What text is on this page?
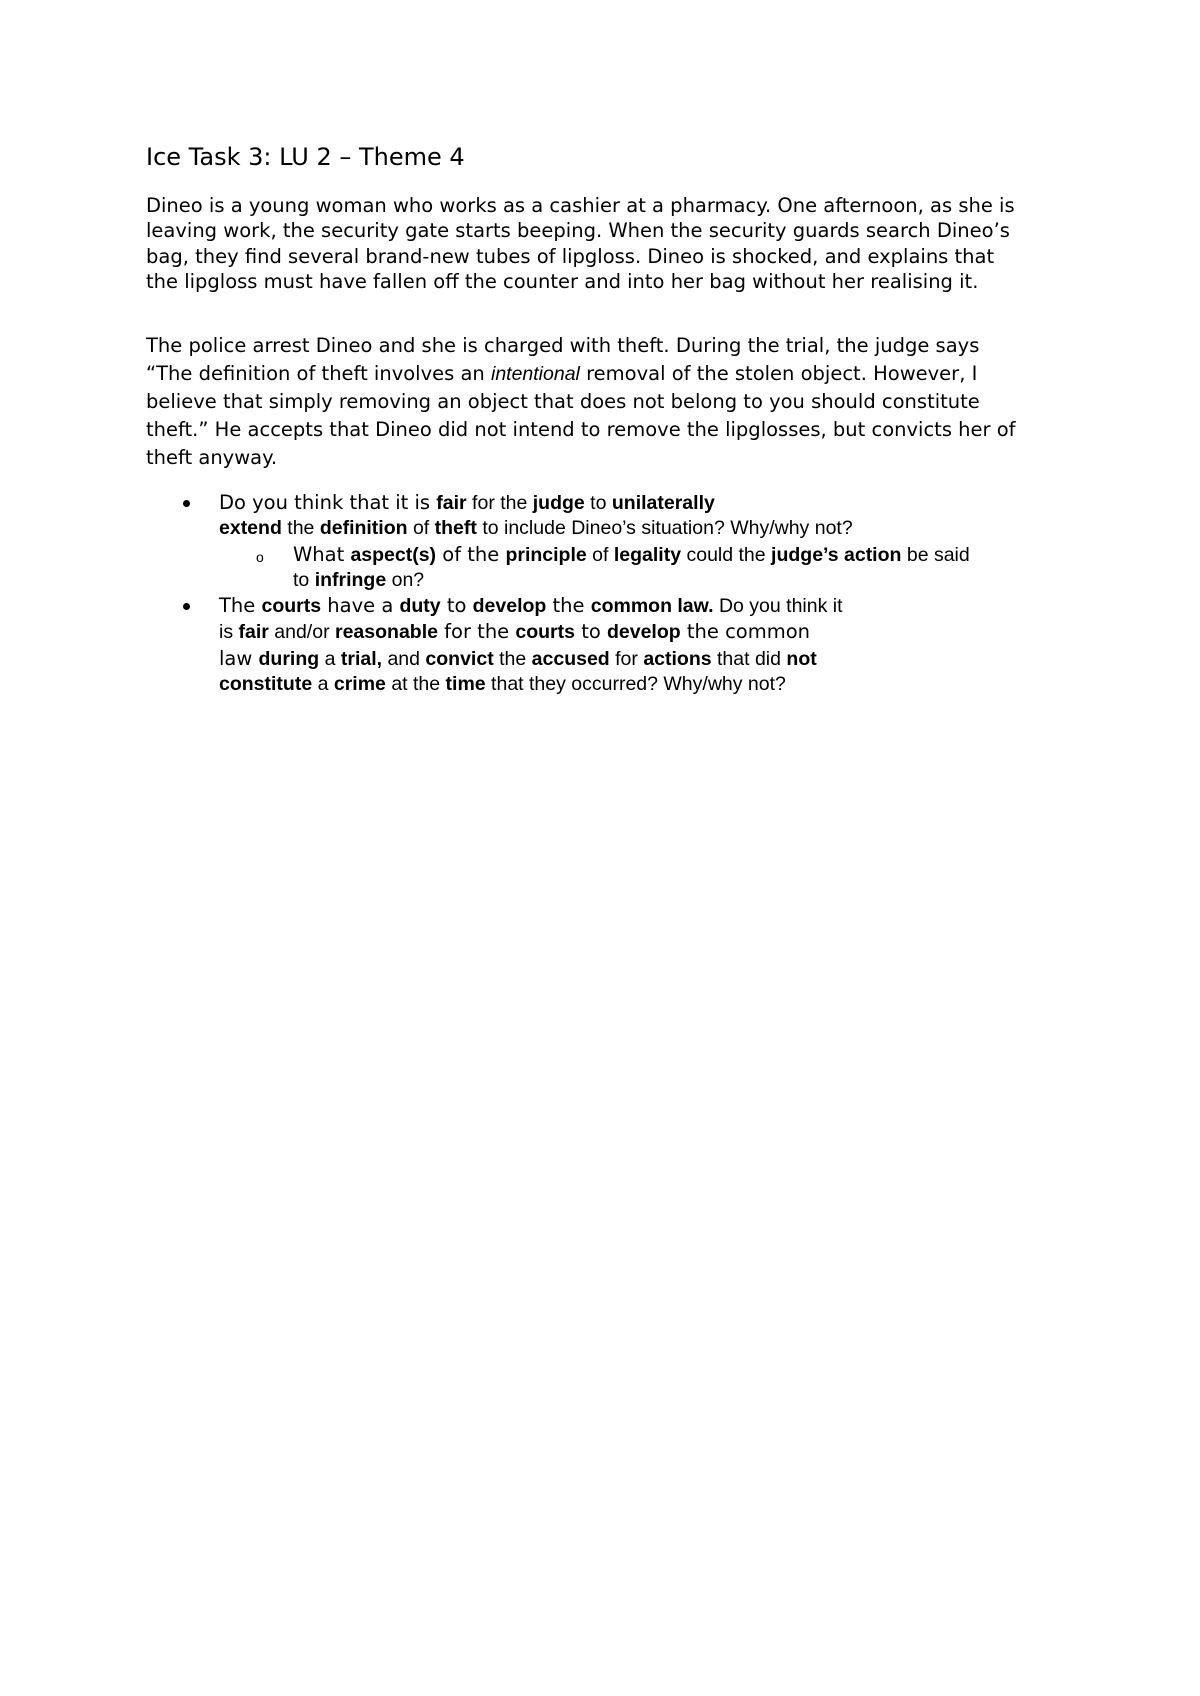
Ice Task 3: LU 2 – Theme 4
Dineo is a young woman who works as a cashier at a pharmacy. One afternoon, as she is
leaving work, the security gate starts beeping. When the security guards search Dineo’s
bag, they find several brand-new tubes of lipgloss. Dineo is shocked, and explains that
the lipgloss must have fallen off the counter and into her bag without her realising it.
The police arrest Dineo and she is charged with theft. During the trial, the judge says
“The definition of theft involves an intentional removal of the stolen object. However, I
believe that simply removing an object that does not belong to you should constitute
theft.” He accepts that Dineo did not intend to remove the lipglosses, but convicts her of
theft anyway.
Do you think that it is fair for the judge to unilaterally
extend the definition of theft to include Dineo’s situation? Why/why not?
o What aspect(s) of the principle of legality could the judge’s action be said
to infringe on?
The courts have a duty to develop the common law. Do you think it
is fair and/or reasonable for the courts to develop the common
law during a trial, and convict the accused for actions that did not
constitute a crime at the time that they occurred? Why/why not?
